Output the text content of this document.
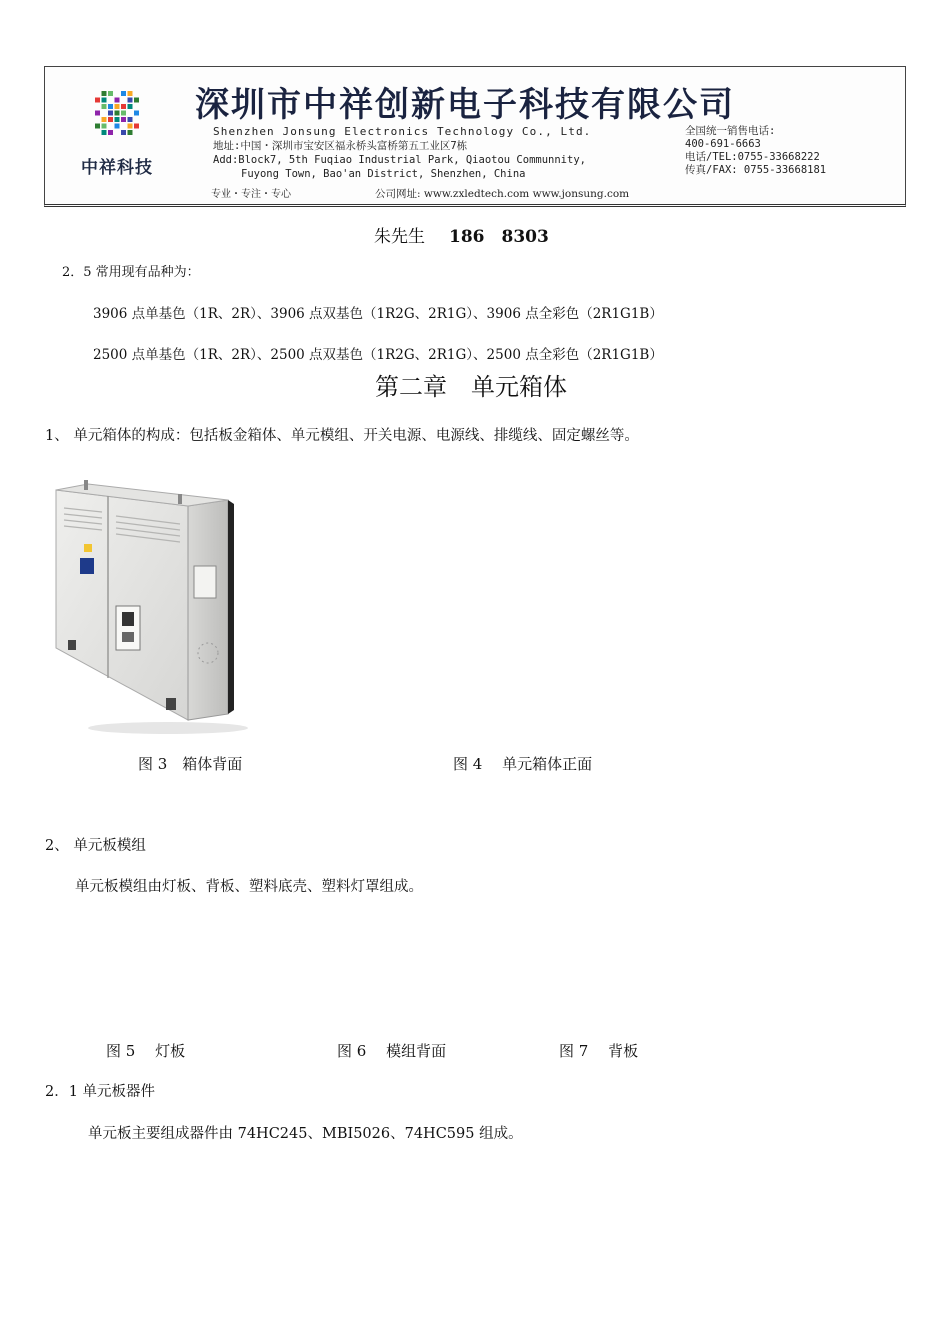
中祥科技
深圳市中祥创新电子科技有限公司
Shenzhen Jonsung Electronics Technology Co., Ltd.
地址:中国・深圳市宝安区福永桥头富桥第五工业区7栋
Add:Block7, 5th Fuqiao Industrial Park, Qiaotou Communnity,
Fuyong Town, Bao'an District, Shenzhen, China
专业・专注・专心	公司网址: www.zxledtech.com www.jonsung.com
全国统一销售电话:
400-691-6663
电话/TEL:0755-33668222
传真/FAX: 0755-33668181
朱先生 186　8303
2．5 常用现有品种为：
3906 点单基色（1R、2R）、3906 点双基色（1R2G、2R1G）、3906 点全彩色（2R1G1B）
2500 点单基色（1R、2R）、2500 点双基色（1R2G、2R1G）、2500 点全彩色（2R1G1B）
第二章　单元箱体
1、 单元箱体的构成：包括板金箱体、单元模组、开关电源、电源线、排缆线、固定螺丝等。
图 3　箱体背面	图 4　 单元箱体正面
2、 单元板模组
单元板模组由灯板、背板、塑料底壳、塑料灯罩组成。
图 5　 灯板	图 6　 模组背面	图 7　 背板
2．1 单元板器件
单元板主要组成器件由 74HC245、MBI5026、74HC595 组成。
